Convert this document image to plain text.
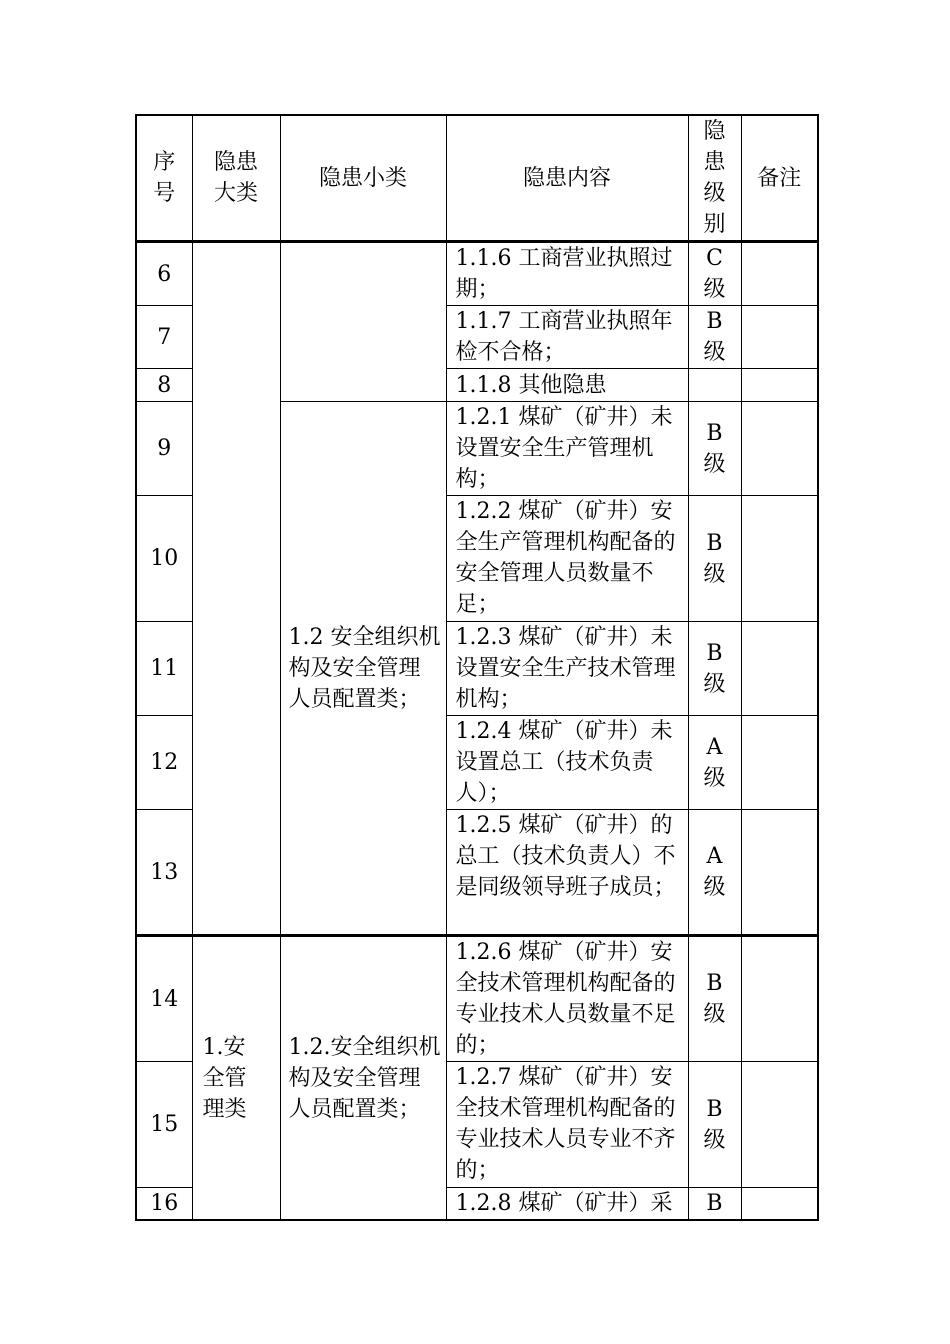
序号	隐患大类	隐患小类	隐患内容	隐患级别	备注
6			1.1.6 工商营业执照过期；	C级	
7			1.1.7 工商营业执照年检不合格；	B级	
8			1.1.8 其他隐患		
9		1.2 安全组织机构及安全管理人员配置类；	1.2.1 煤矿（矿井）未设置安全生产管理机构；	B级	
10			1.2.2 煤矿（矿井）安全生产管理机构配备的安全管理人员数量不足；	B级	
11			1.2.3 煤矿（矿井）未设置安全生产技术管理机构；	B级	
12			1.2.4 煤矿（矿井）未设置总工（技术负责人）；	A级	
13			1.2.5 煤矿（矿井）的总工（技术负责人）不是同级领导班子成员；	A级	
14	1.安全管理类	1.2.安全组织机构及安全管理人员配置类；	1.2.6 煤矿（矿井）安全技术管理机构配备的专业技术人员数量不足的；	B级	
15			1.2.7 煤矿（矿井）安全技术管理机构配备的专业技术人员专业不齐的；	B级	
16			1.2.8 煤矿（矿井）采	B	
